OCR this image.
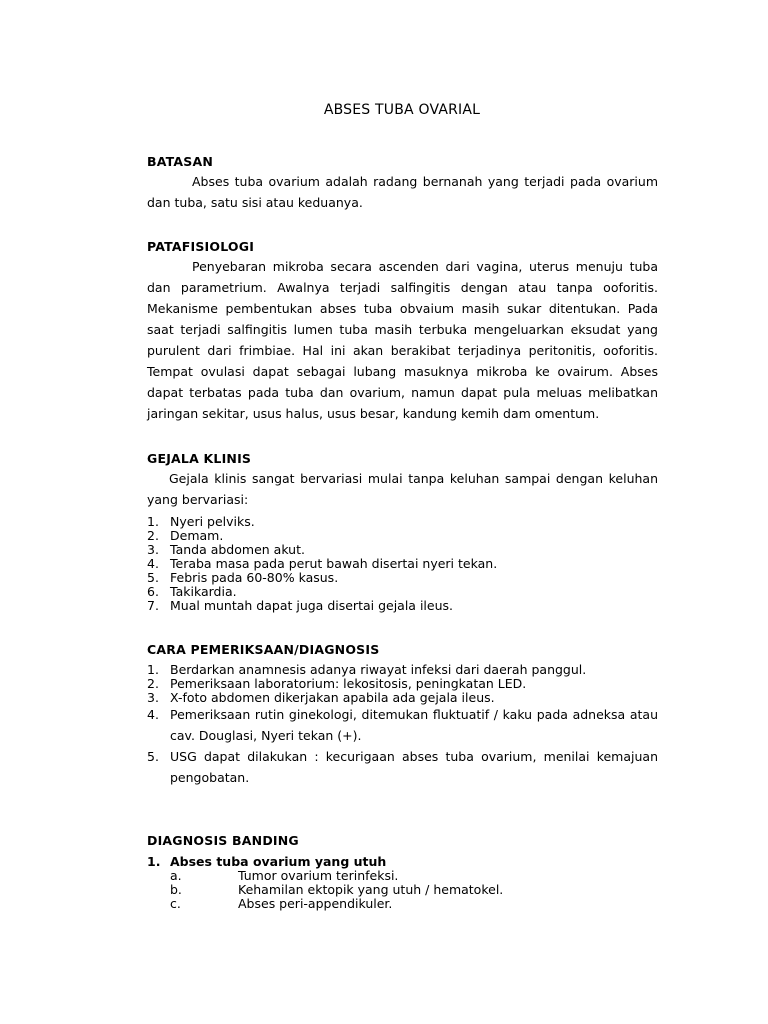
ABSES TUBA OVARIAL
BATASAN
Abses tuba ovarium adalah radang bernanah yang terjadi pada ovarium dan tuba, satu sisi atau keduanya.
PATAFISIOLOGI
Penyebaran mikroba secara ascenden dari vagina, uterus menuju tuba dan parametrium. Awalnya terjadi salfingitis dengan atau tanpa ooforitis. Mekanisme pembentukan abses tuba obvaium masih sukar ditentukan. Pada saat terjadi salfingitis lumen tuba masih terbuka mengeluarkan eksudat yang purulent dari frimbiae. Hal ini akan berakibat terjadinya peritonitis, ooforitis. Tempat ovulasi dapat sebagai lubang masuknya mikroba ke ovairum. Abses dapat terbatas pada tuba dan ovarium, namun dapat pula meluas melibatkan jaringan sekitar, usus halus, usus besar, kandung kemih dam omentum.
GEJALA KLINIS
Gejala klinis sangat bervariasi mulai tanpa keluhan sampai dengan keluhan yang bervariasi:
1. Nyeri pelviks.
2. Demam.
3. Tanda abdomen akut.
4. Teraba masa pada perut bawah disertai nyeri tekan.
5. Febris pada 60-80% kasus.
6. Takikardia.
7. Mual muntah dapat juga disertai gejala ileus.
CARA PEMERIKSAAN/DIAGNOSIS
1. Berdarkan anamnesis adanya riwayat infeksi dari daerah panggul.
2. Pemeriksaan laboratorium: lekositosis, peningkatan LED.
3. X-foto abdomen dikerjakan apabila ada gejala ileus.
4. Pemeriksaan rutin ginekologi, ditemukan fluktuatif / kaku pada adneksa atau cav. Douglasi, Nyeri tekan (+).
5. USG dapat dilakukan : kecurigaan abses tuba ovarium, menilai kemajuan pengobatan.
DIAGNOSIS BANDING
1. Abses tuba ovarium yang utuh
a.	Tumor ovarium terinfeksi.
b.	Kehamilan ektopik yang utuh / hematokel.
c.	Abses peri-appendikuler.
